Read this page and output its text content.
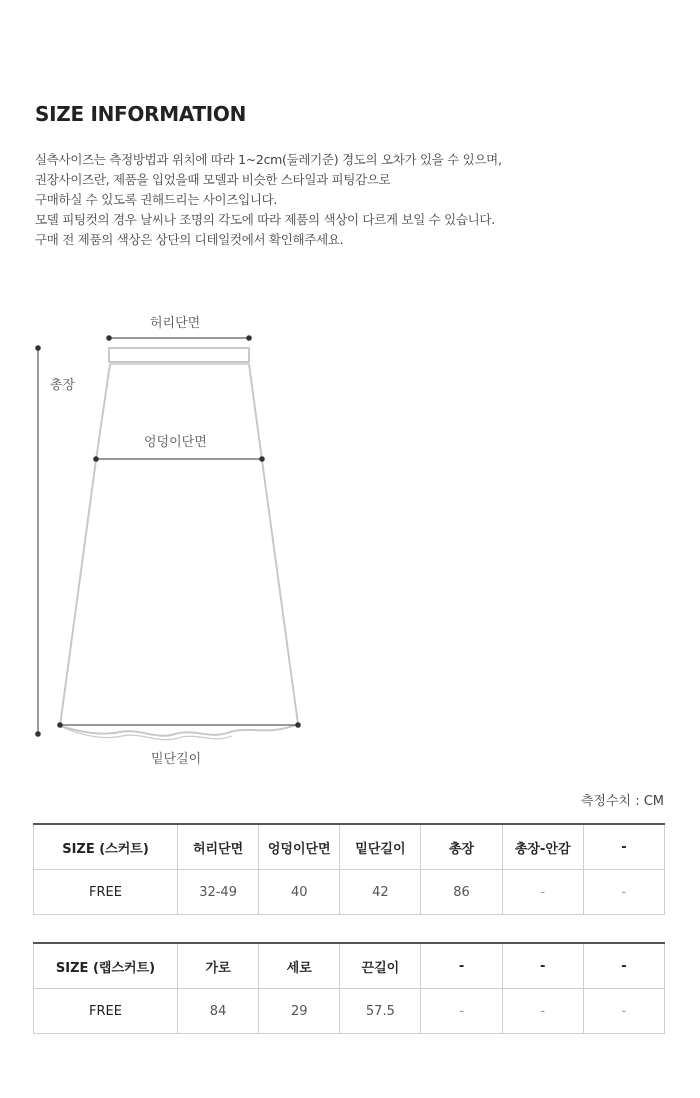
SIZE INFORMATION
실측사이즈는 측정방법과 위치에 따라 1~2cm(둘레기준) 경도의 오차가 있을 수 있으며,
권장사이즈란, 제품을 입었을때 모델과 비슷한 스타일과 피팅감으로
구매하실 수 있도록 권해드리는 사이즈입니다.
모델 피팅컷의 경우 날씨나 조명의 각도에 따라 제품의 색상이 다르게 보일 수 있습니다.
구매 전 제품의 색상은 상단의 디테일컷에서 확인해주세요.
허리단면
총장
엉덩이단면
밑단길이
측정수치 : CM
SIZE (스커트)	허리단면	엉덩이단면	밑단길이	총장	총장-안감	-
FREE	32-49	40	42	86	-	-
SIZE (랩스커트)	가로	세로	끈길이	-	-	-
FREE	84	29	57.5	-	-	-
